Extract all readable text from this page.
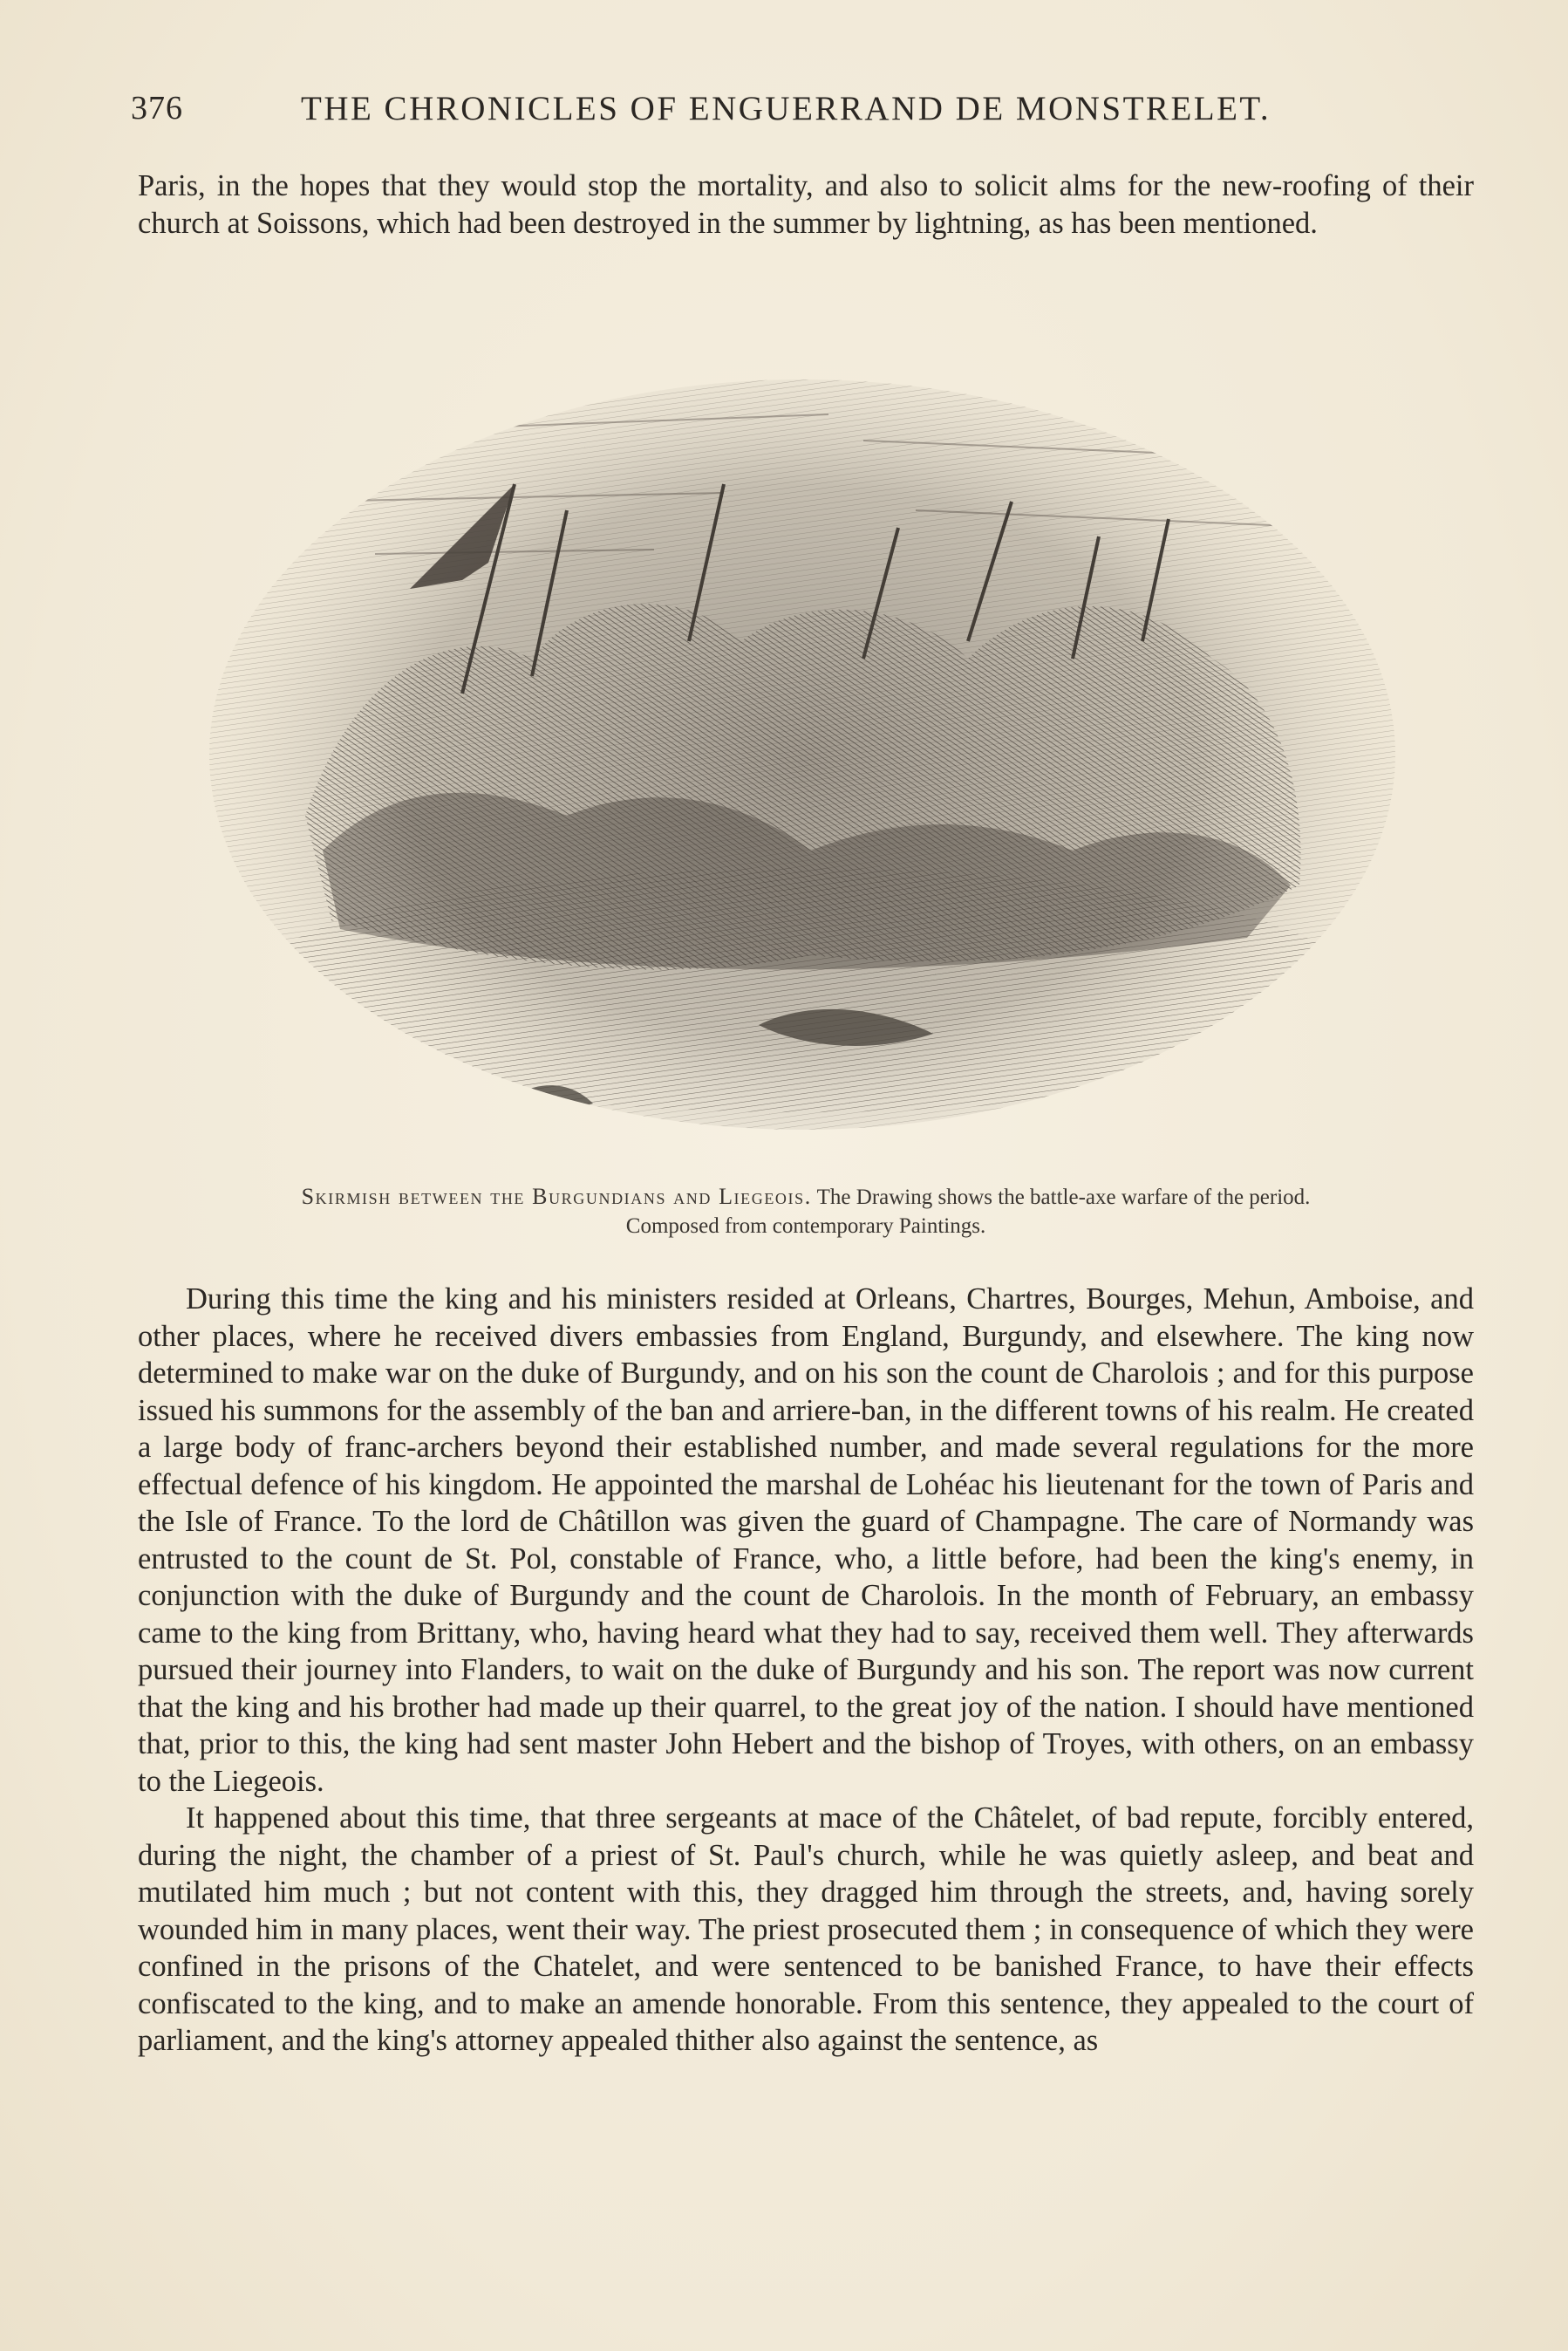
376	THE CHRONICLES OF ENGUERRAND DE MONSTRELET.

Paris, in the hopes that they would stop the mortality, and also to solicit alms for the new-roofing of their church at Soissons, which had been destroyed in the summer by lightning, as has been mentioned.

Skirmish between the Burgundians and Liegeois. The Drawing shows the battle-axe warfare of the period.
Composed from contemporary Paintings.

During this time the king and his ministers resided at Orleans, Chartres, Bourges, Mehun, Amboise, and other places, where he received divers embassies from England, Burgundy, and elsewhere. The king now determined to make war on the duke of Burgundy, and on his son the count de Charolois ; and for this purpose issued his summons for the assembly of the ban and arriere-ban, in the different towns of his realm. He created a large body of franc-archers beyond their established number, and made several regulations for the more effectual defence of his kingdom. He appointed the marshal de Lohéac his lieutenant for the town of Paris and the Isle of France. To the lord de Châtillon was given the guard of Champagne. The care of Normandy was entrusted to the count de St. Pol, constable of France, who, a little before, had been the king's enemy, in conjunction with the duke of Burgundy and the count de Charolois. In the month of February, an embassy came to the king from Brittany, who, having heard what they had to say, received them well. They afterwards pursued their journey into Flanders, to wait on the duke of Burgundy and his son. The report was now current that the king and his brother had made up their quarrel, to the great joy of the nation. I should have mentioned that, prior to this, the king had sent master John Hebert and the bishop of Troyes, with others, on an embassy to the Liegeois.

It happened about this time, that three sergeants at mace of the Châtelet, of bad repute, forcibly entered, during the night, the chamber of a priest of St. Paul's church, while he was quietly asleep, and beat and mutilated him much ; but not content with this, they dragged him through the streets, and, having sorely wounded him in many places, went their way. The priest prosecuted them ; in consequence of which they were confined in the prisons of the Chatelet, and were sentenced to be banished France, to have their effects confiscated to the king, and to make an amende honorable. From this sentence, they appealed to the court of parliament, and the king's attorney appealed thither also against the sentence, as
